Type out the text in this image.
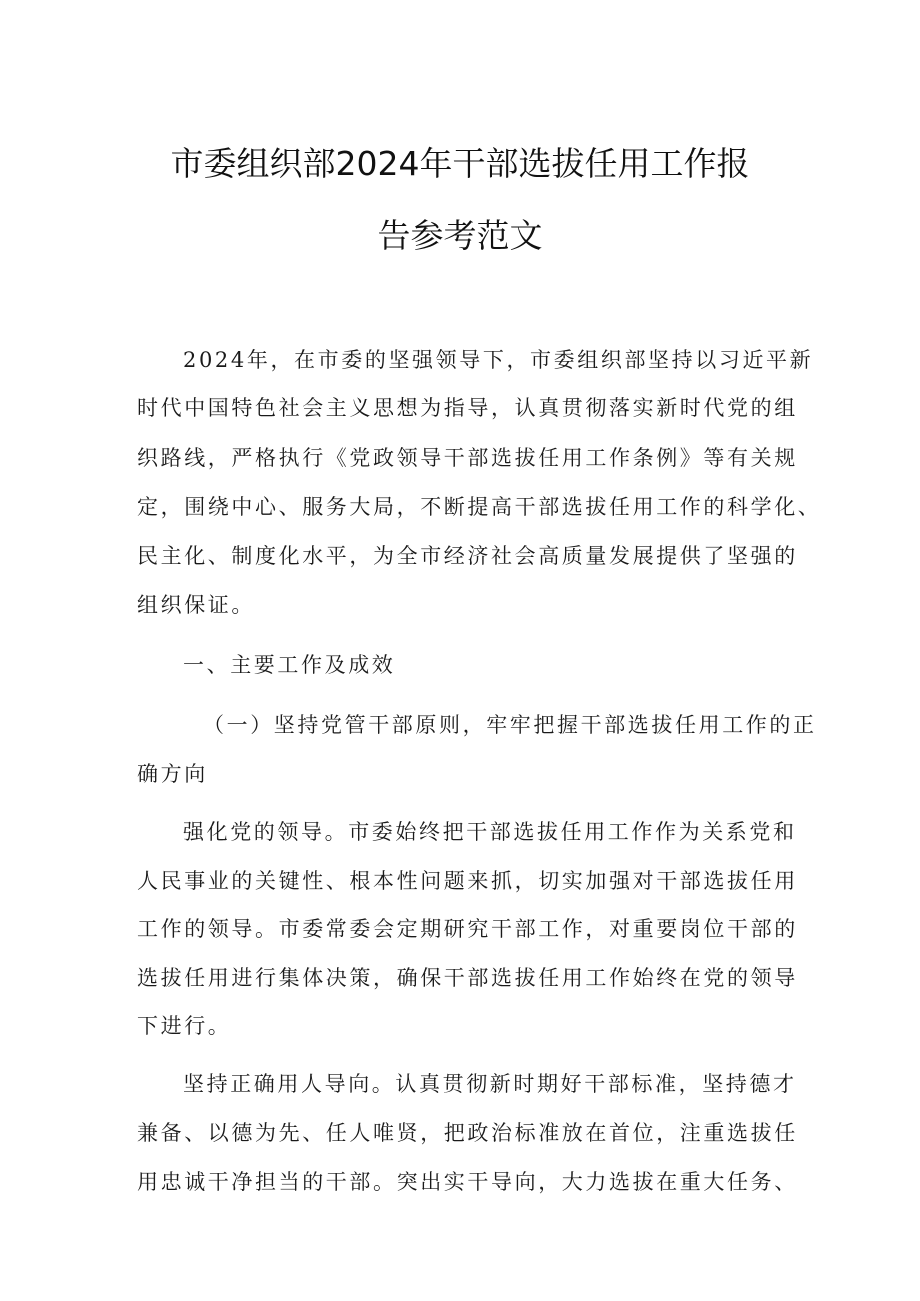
市委组织部2024年干部选拔任用工作报
告参考范文
2024年，在市委的坚强领导下，市委组织部坚持以习近平新
时代中国特色社会主义思想为指导，认真贯彻落实新时代党的组
织路线，严格执行《党政领导干部选拔任用工作条例》等有关规
定，围绕中心、服务大局，不断提高干部选拔任用工作的科学化、
民主化、制度化水平，为全市经济社会高质量发展提供了坚强的
组织保证。
一、主要工作及成效
（一）坚持党管干部原则，牢牢把握干部选拔任用工作的正
确方向
强化党的领导。市委始终把干部选拔任用工作作为关系党和
人民事业的关键性、根本性问题来抓，切实加强对干部选拔任用
工作的领导。市委常委会定期研究干部工作，对重要岗位干部的
选拔任用进行集体决策，确保干部选拔任用工作始终在党的领导
下进行。
坚持正确用人导向。认真贯彻新时期好干部标准，坚持德才
兼备、以德为先、任人唯贤，把政治标准放在首位，注重选拔任
用忠诚干净担当的干部。突出实干导向，大力选拔在重大任务、
